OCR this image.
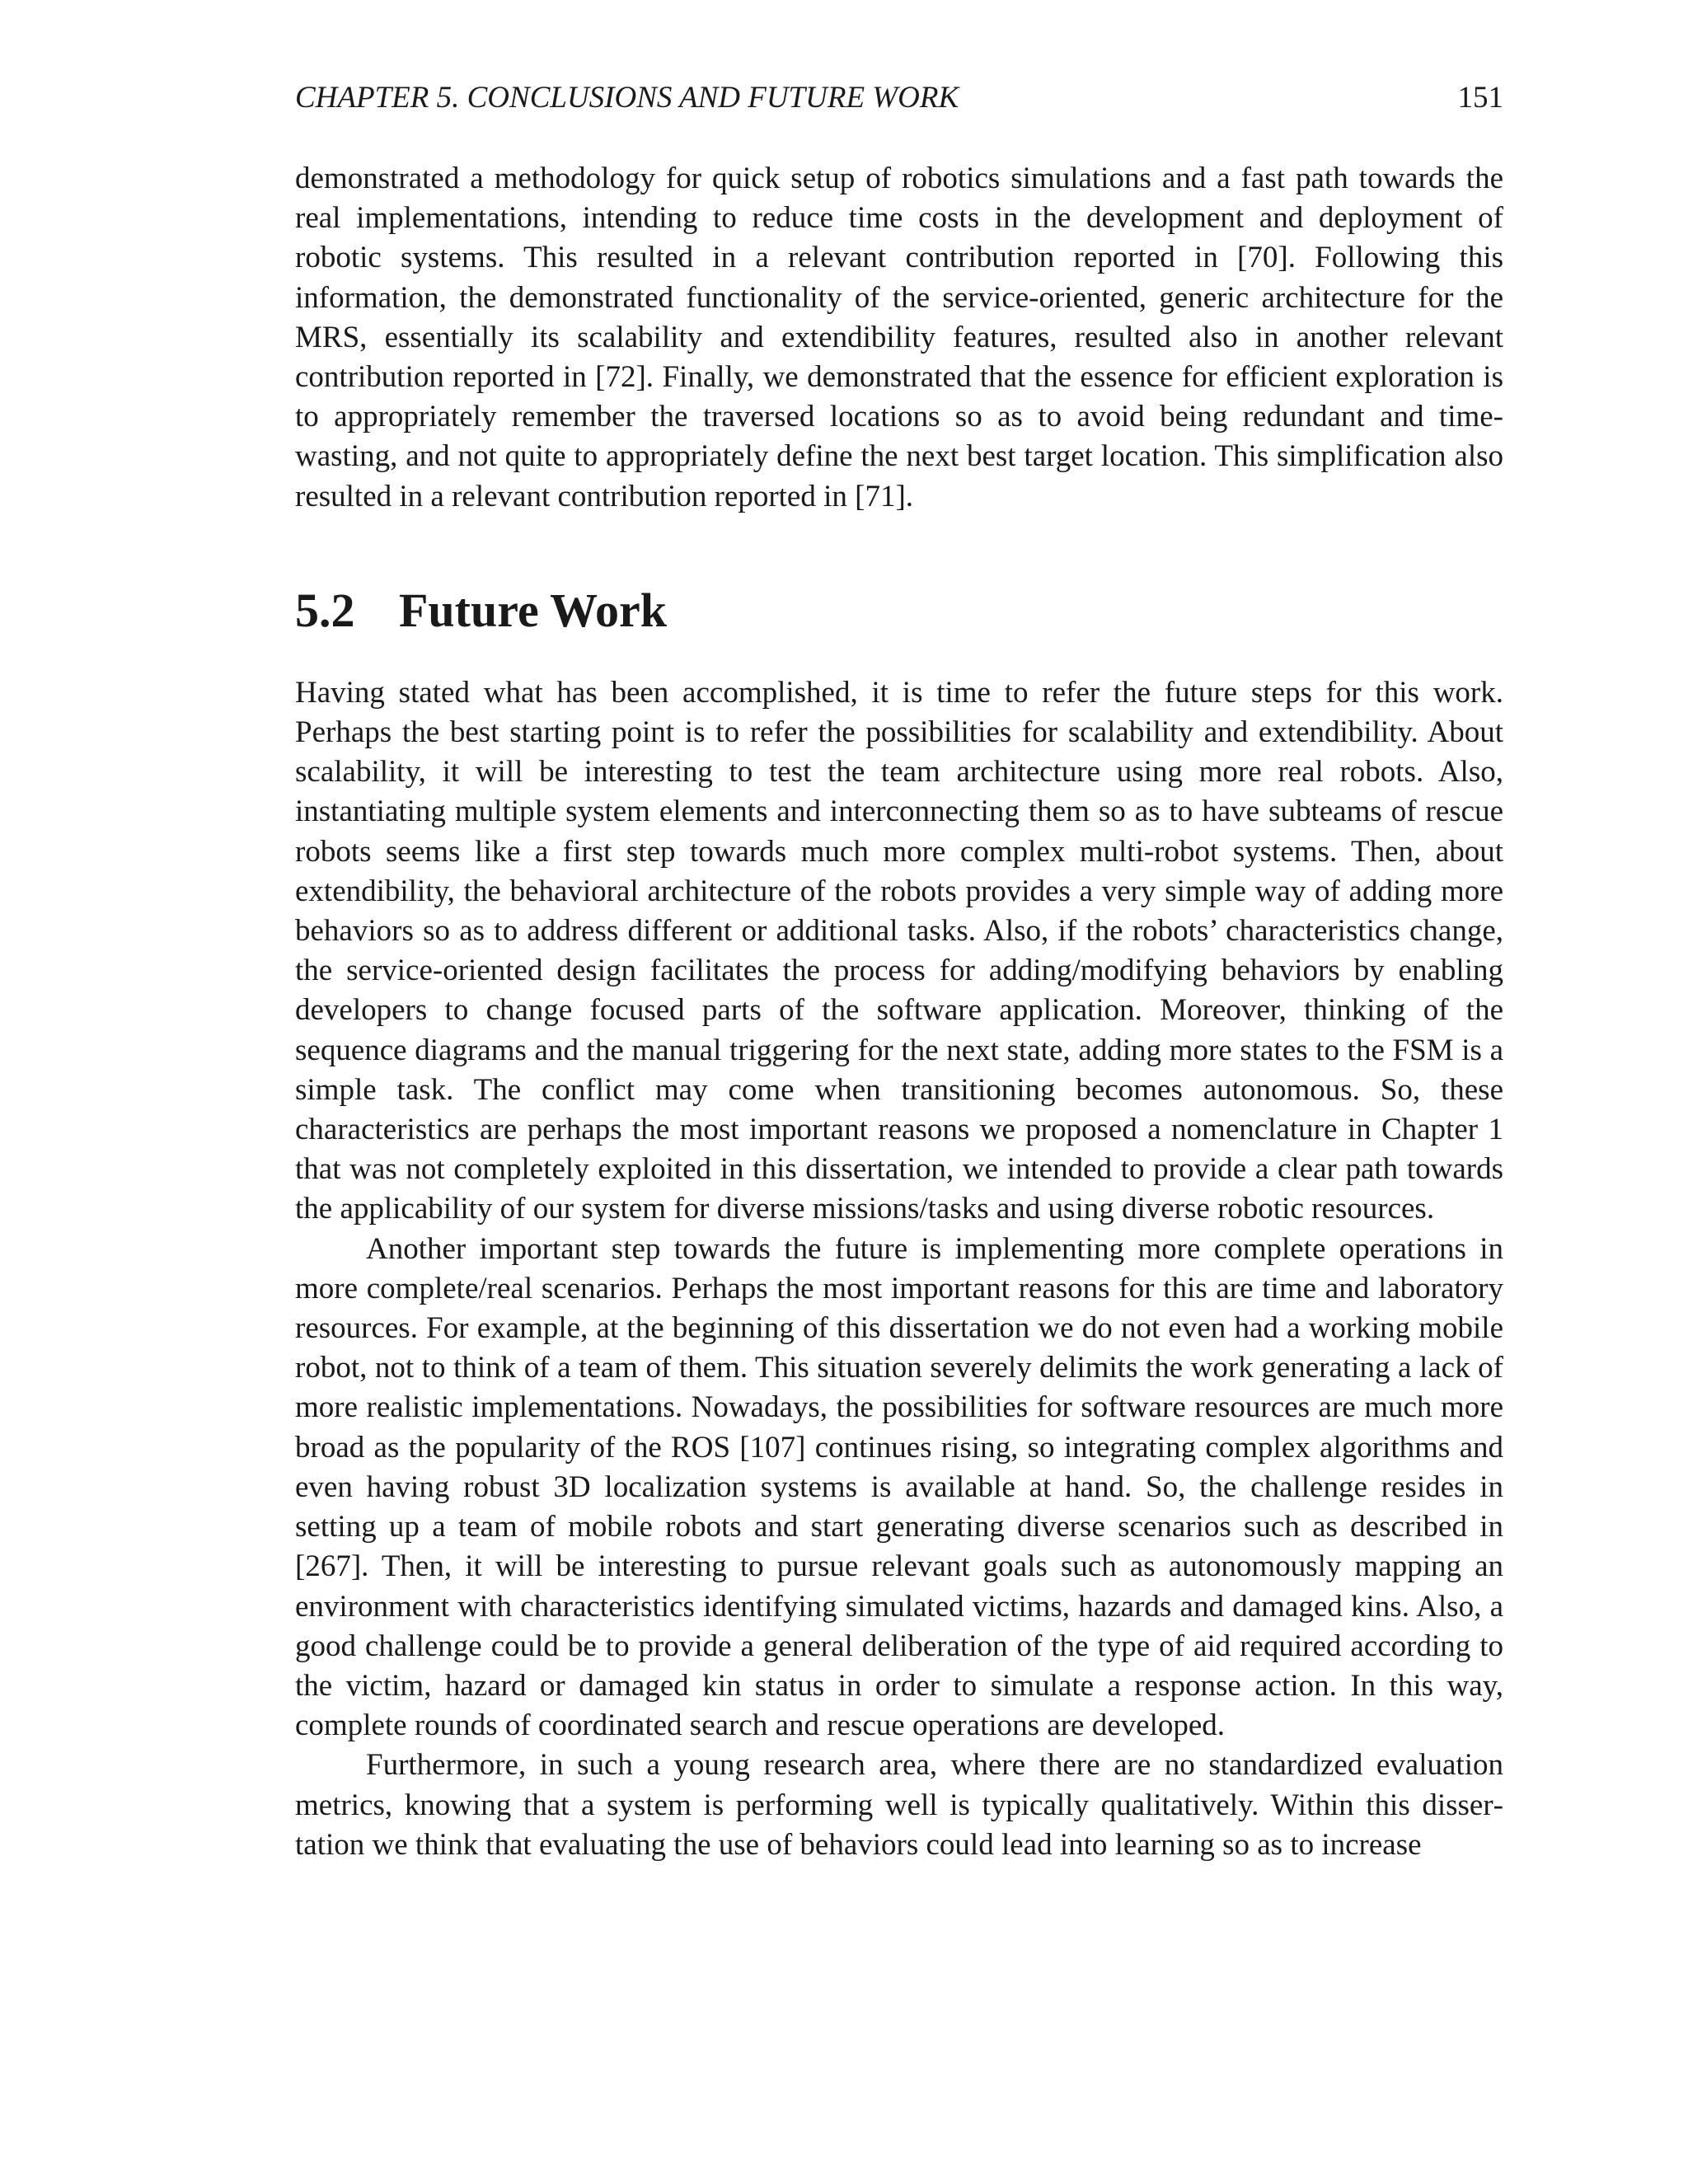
CHAPTER 5. CONCLUSIONS AND FUTURE WORK	151

demonstrated a methodology for quick setup of robotics simulations and a fast path towards the real implementations, intending to reduce time costs in the development and deployment of robotic systems. This resulted in a relevant contribution reported in [70]. Following this information, the demonstrated functionality of the service-oriented, generic architecture for the MRS, essentially its scalability and extendibility features, resulted also in another relevant contribution reported in [72]. Finally, we demonstrated that the essence for efficient exploration is to appropriately remember the traversed locations so as to avoid being redundant and time-wasting, and not quite to appropriately define the next best target location. This simplification also resulted in a relevant contribution reported in [71].

5.2 Future Work

Having stated what has been accomplished, it is time to refer the future steps for this work. Perhaps the best starting point is to refer the possibilities for scalability and extendibility. About scalability, it will be interesting to test the team architecture using more real robots. Also, instantiating multiple system elements and interconnecting them so as to have subteams of rescue robots seems like a first step towards much more complex multi-robot systems. Then, about extendibility, the behavioral architecture of the robots provides a very simple way of adding more behaviors so as to address different or additional tasks. Also, if the robots’ characteristics change, the service-oriented design facilitates the process for adding/modifying behaviors by enabling developers to change focused parts of the software application. Moreover, thinking of the sequence diagrams and the manual triggering for the next state, adding more states to the FSM is a simple task. The conflict may come when transitioning becomes autonomous. So, these characteristics are perhaps the most important reasons we proposed a nomenclature in Chapter 1 that was not completely exploited in this dissertation, we intended to provide a clear path towards the applicability of our system for diverse missions/tasks and using diverse robotic resources.

Another important step towards the future is implementing more complete operations in more complete/real scenarios. Perhaps the most important reasons for this are time and laboratory resources. For example, at the beginning of this dissertation we do not even had a working mobile robot, not to think of a team of them. This situation severely delimits the work generating a lack of more realistic implementations. Nowadays, the possibilities for software resources are much more broad as the popularity of the ROS [107] continues rising, so integrating complex algorithms and even having robust 3D localization systems is available at hand. So, the challenge resides in setting up a team of mobile robots and start generating diverse scenarios such as described in [267]. Then, it will be interesting to pursue relevant goals such as autonomously mapping an environment with characteristics identifying simulated victims, hazards and damaged kins. Also, a good challenge could be to provide a general deliberation of the type of aid required according to the victim, hazard or damaged kin status in order to simulate a response action. In this way, complete rounds of coordinated search and rescue operations are developed.

Furthermore, in such a young research area, where there are no standardized evaluation metrics, knowing that a system is performing well is typically qualitatively. Within this dissertation we think that evaluating the use of behaviors could lead into learning so as to increase
